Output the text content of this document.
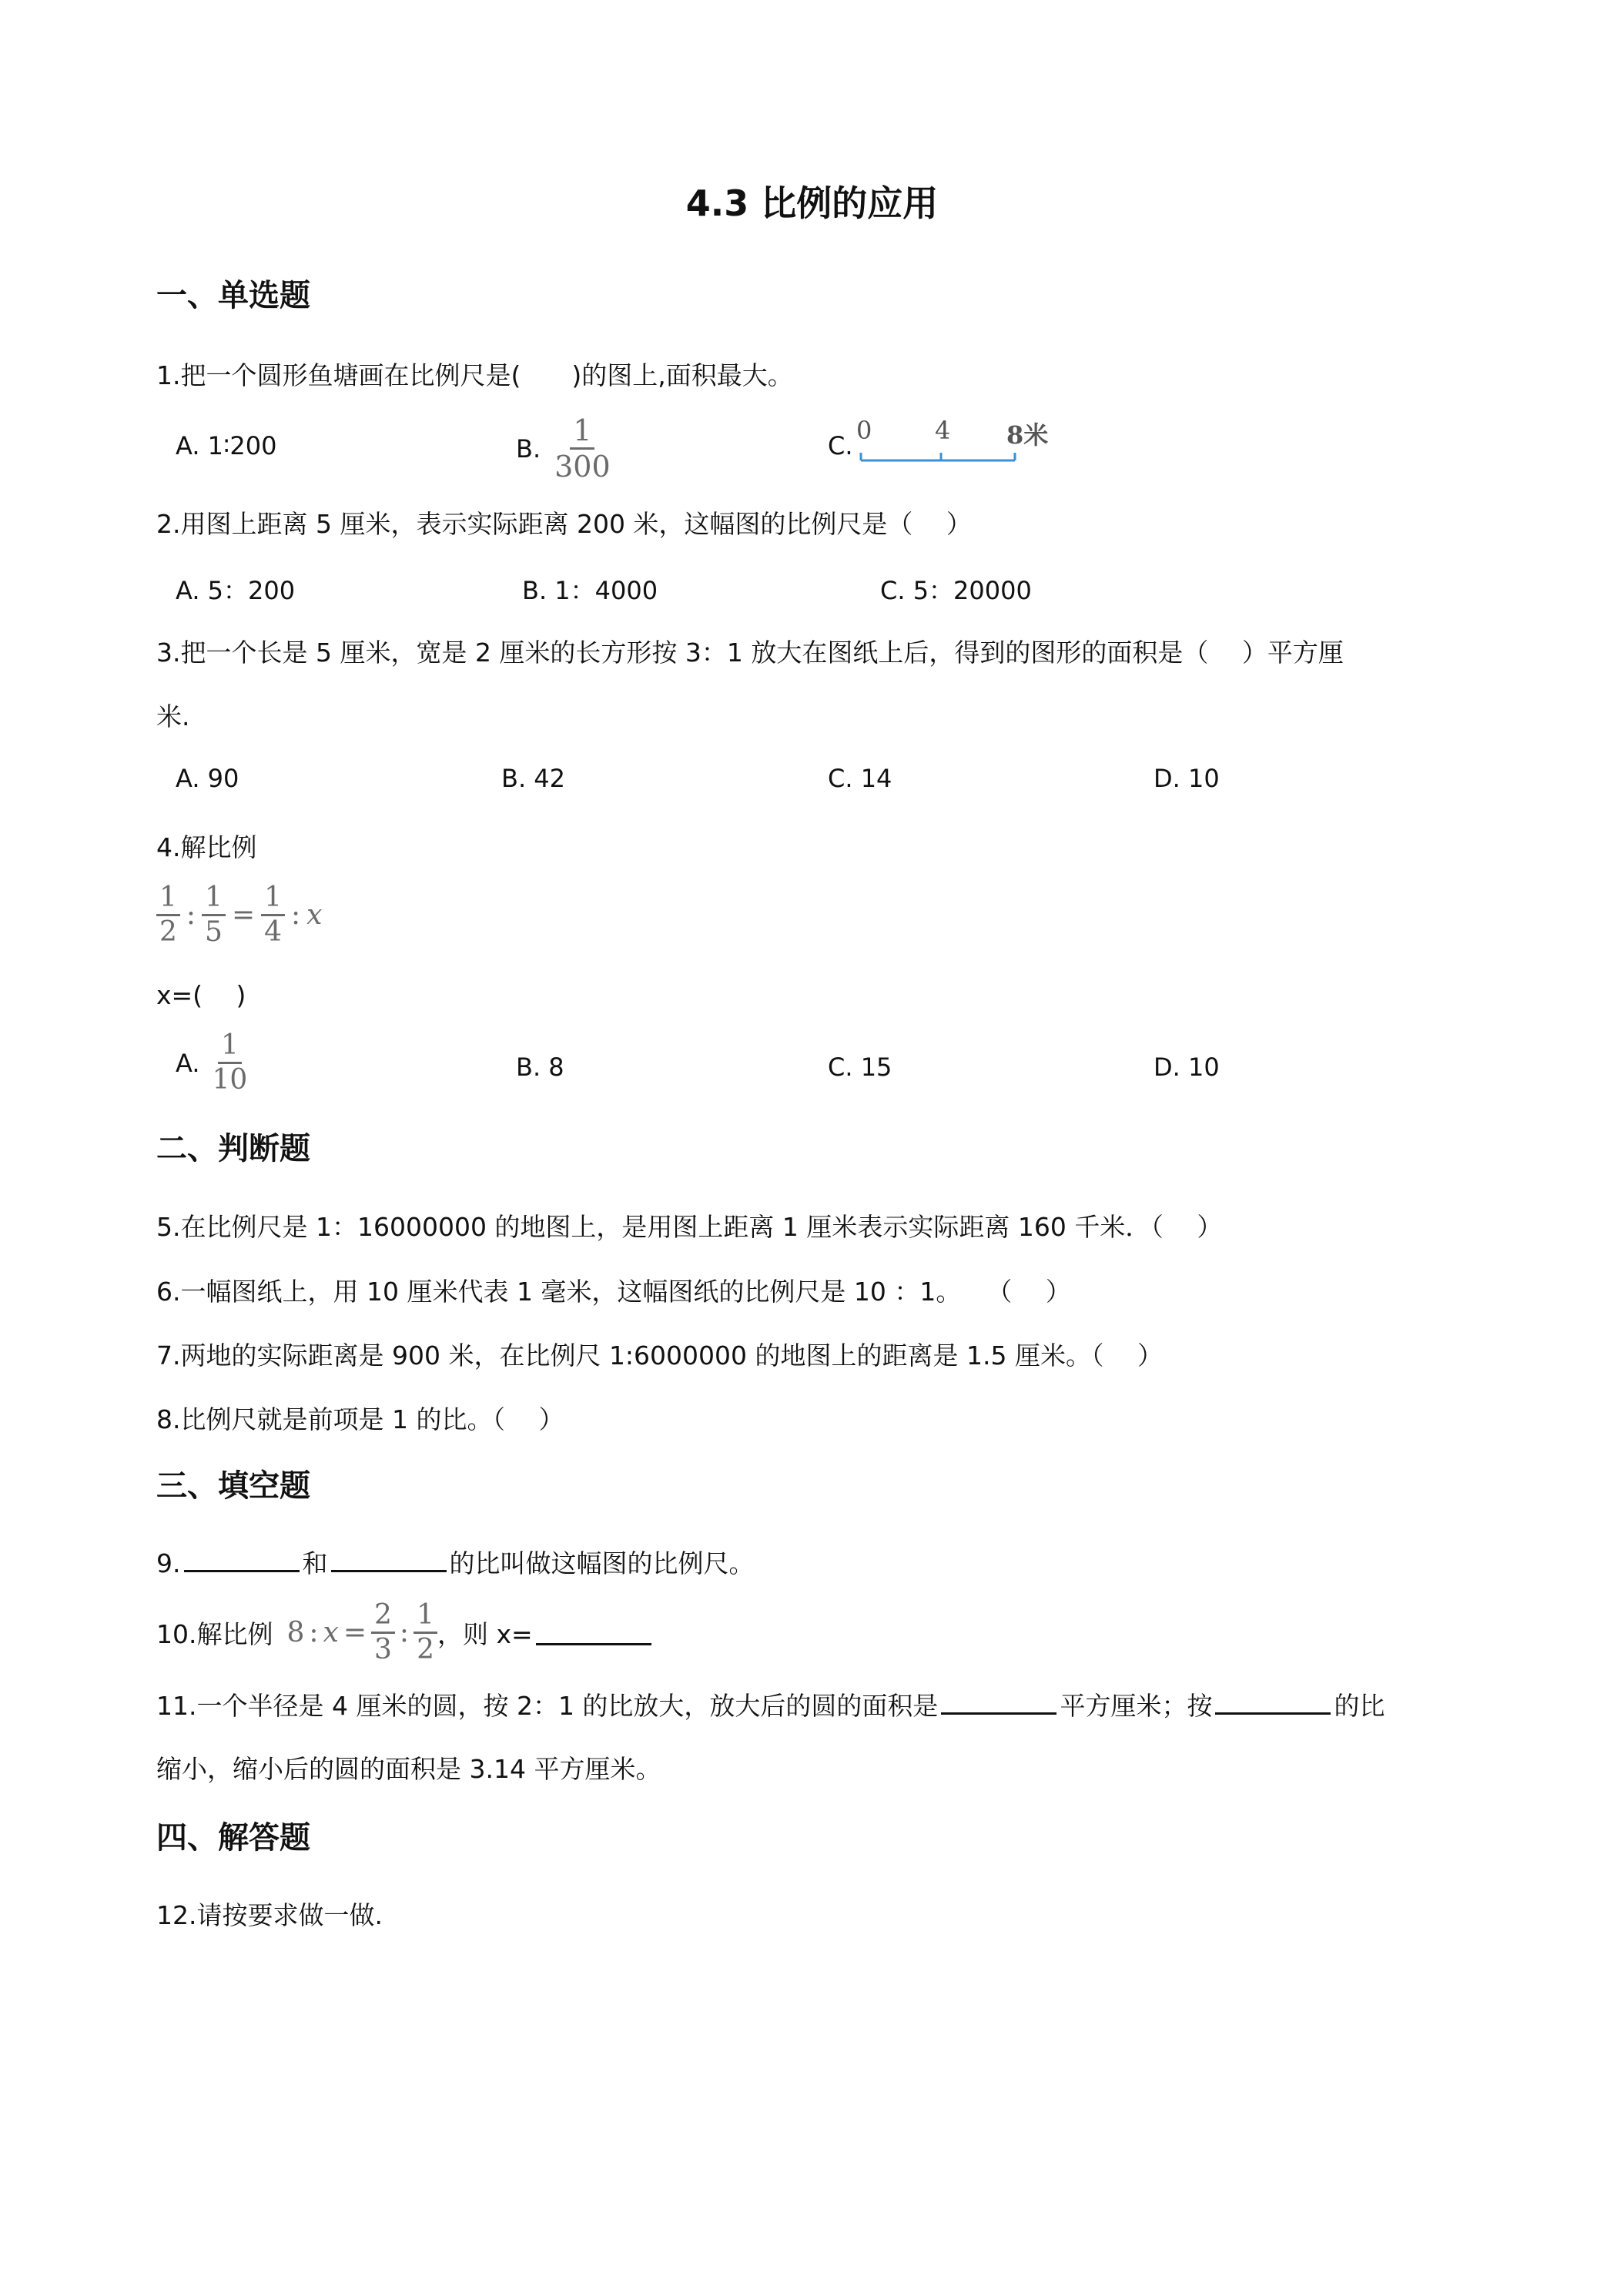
4.3 比例的应用
一、单选题
1.把一个圆形鱼塘画在比例尺是(　　)的图上,面积最大。
A. 1∶200	B. $\frac{1}{300}$	C.
0	4 8米
2.用图上距离 5 厘米，表示实际距离 200 米，这幅图的比例尺是（　 ）
A. 5：200	B. 1：4000	C. 5：20000
3.把一个长是 5 厘米，宽是 2 厘米的长方形按 3：1 放大在图纸上后，得到的图形的面积是（　 ）平方厘
米.
A. 90	B. 42	C. 14	D. 10
4.解比例
$\frac{1}{2}$ : $\frac{1}{5} = \frac{1}{4}$ : x
x=(　 )
A. $\frac{1}{10}$	B. 8	C. 15	D. 10
二、判断题
5.在比例尺是 1：16000000 的地图上，是用图上距离 1 厘米表示实际距离 160 千米．（　 ）
6.一幅图纸上，用 10 厘米代表 1 毫米，这幅图纸的比例尺是 10 ：1。　　（　 ）
7.两地的实际距离是 900 米，在比例尺 1:6000000 的地图上的距离是 1.5 厘米。（　 ）
8.比例尺就是前项是 1 的比。（　 ）
三、填空题
9.	和	的比叫做这幅图的比例尺。
10.解比例 8 : $x = \frac{2}{3}$ : $\frac{1}{2}$ ，则 x=
11.一个半径是 4 厘米的圆，按 2：1 的比放大，放大后的圆的面积是	平方厘米；按	的比
缩小，缩小后的圆的面积是 3.14 平方厘米。
四、解答题
12.请按要求做一做.
